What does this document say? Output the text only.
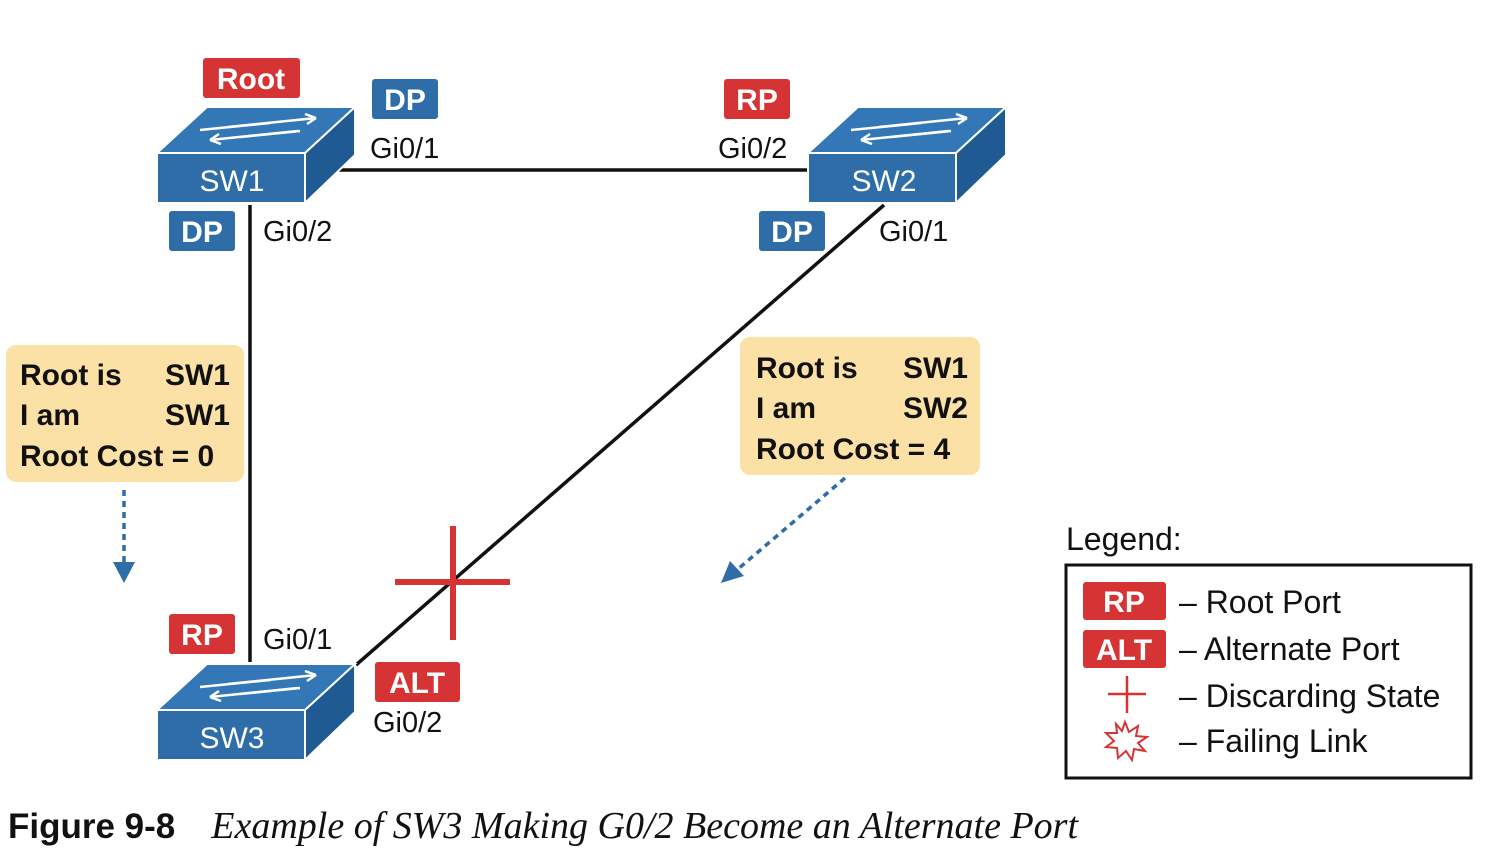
SW1	SW2
SW3
Root
DP
Gi0/1
DP Gi0/2
RP
Gi0/2
DP Gi0/1
RP Gi0/1
ALT
Gi0/2
Root is SW1
I am	SW1
Root Cost = 0
Root is SW1
I am	SW2
Root Cost = 4
Legend:
RP – Root Port
ALT – Alternate Port
– Discarding State
– Failing Link
Figure 9-8 Example of SW3 Making G0/2 Become an Alternate Port
